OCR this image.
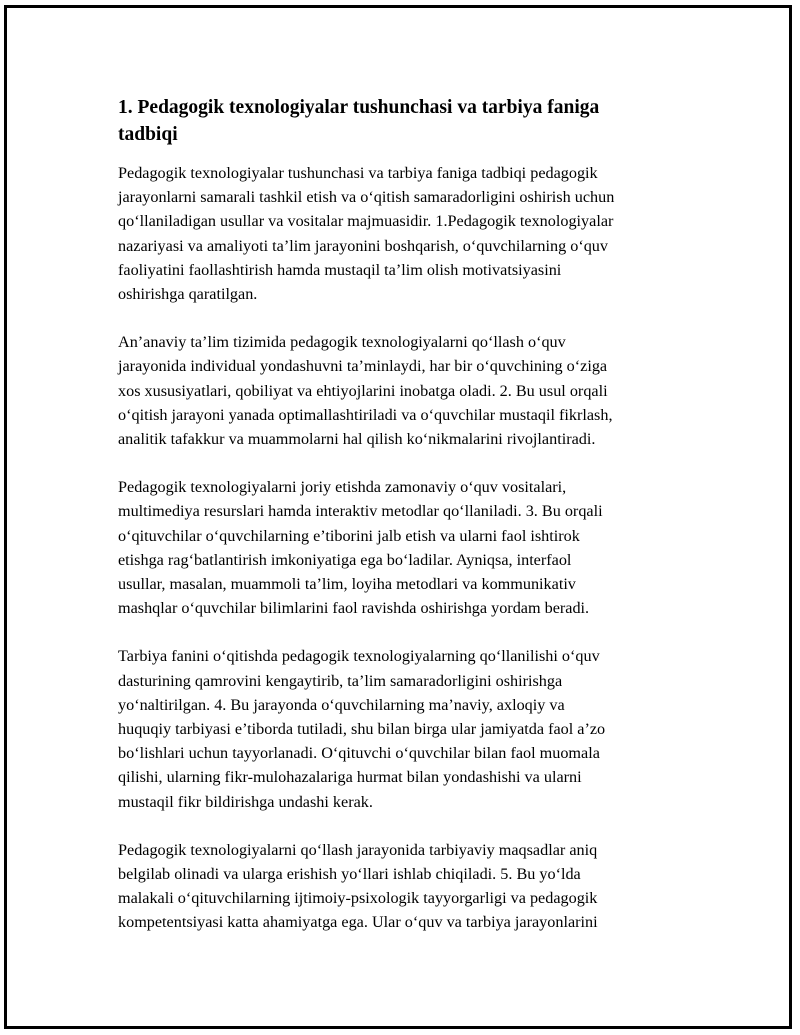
1. Pedagogik texnologiyalar tushunchasi va tarbiya faniga
tadbiqi

Pedagogik texnologiyalar tushunchasi va tarbiya faniga tadbiqi pedagogik
jarayonlarni samarali tashkil etish va o‘qitish samaradorligini oshirish uchun
qo‘llaniladigan usullar va vositalar majmuasidir. 1.Pedagogik texnologiyalar
nazariyasi va amaliyoti ta’lim jarayonini boshqarish, o‘quvchilarning o‘quv
faoliyatini faollashtirish hamda mustaqil ta’lim olish motivatsiyasini
oshirishga qaratilgan.

An’anaviy ta’lim tizimida pedagogik texnologiyalarni qo‘llash o‘quv
jarayonida individual yondashuvni ta’minlaydi, har bir o‘quvchining o‘ziga
xos xususiyatlari, qobiliyat va ehtiyojlarini inobatga oladi. 2. Bu usul orqali
o‘qitish jarayoni yanada optimallashtiriladi va o‘quvchilar mustaqil fikrlash,
analitik tafakkur va muammolarni hal qilish ko‘nikmalarini rivojlantiradi.

Pedagogik texnologiyalarni joriy etishda zamonaviy o‘quv vositalari,
multimediya resurslari hamda interaktiv metodlar qo‘llaniladi. 3. Bu orqali
o‘qituvchilar o‘quvchilarning e’tiborini jalb etish va ularni faol ishtirok
etishga rag‘batlantirish imkoniyatiga ega bo‘ladilar. Ayniqsa, interfaol
usullar, masalan, muammoli ta’lim, loyiha metodlari va kommunikativ
mashqlar o‘quvchilar bilimlarini faol ravishda oshirishga yordam beradi.

Tarbiya fanini o‘qitishda pedagogik texnologiyalarning qo‘llanilishi o‘quv
dasturining qamrovini kengaytirib, ta’lim samaradorligini oshirishga
yo‘naltirilgan. 4. Bu jarayonda o‘quvchilarning ma’naviy, axloqiy va
huquqiy tarbiyasi e’tiborda tutiladi, shu bilan birga ular jamiyatda faol a’zo
bo‘lishlari uchun tayyorlanadi. O‘qituvchi o‘quvchilar bilan faol muomala
qilishi, ularning fikr-mulohazalariga hurmat bilan yondashishi va ularni
mustaqil fikr bildirishga undashi kerak.

Pedagogik texnologiyalarni qo‘llash jarayonida tarbiyaviy maqsadlar aniq
belgilab olinadi va ularga erishish yo‘llari ishlab chiqiladi. 5. Bu yo‘lda
malakali o‘qituvchilarning ijtimoiy-psixologik tayyorgarligi va pedagogik
kompetentsiyasi katta ahamiyatga ega. Ular o‘quv va tarbiya jarayonlarini
